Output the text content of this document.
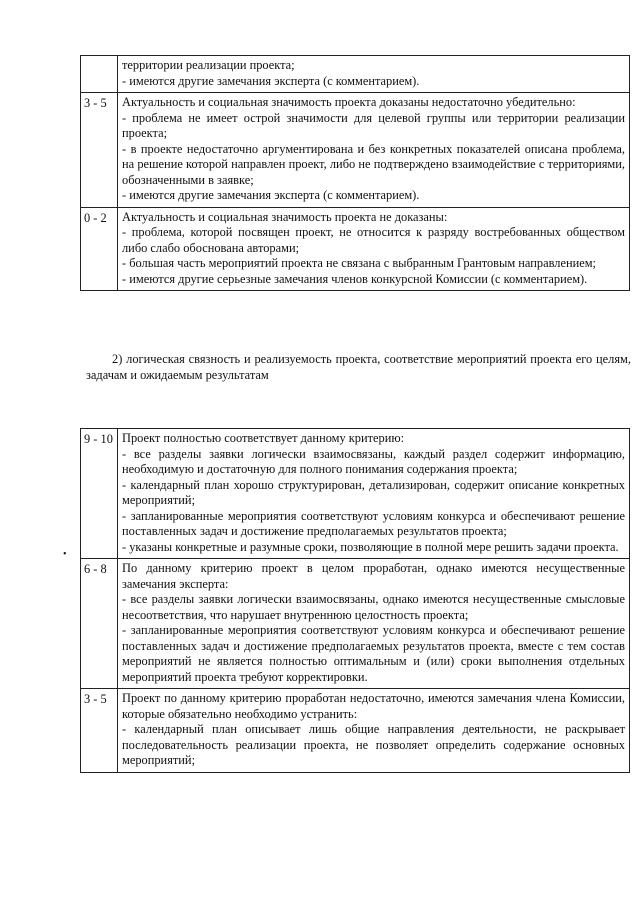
	территории реализации проекта;
- имеются другие замечания эксперта (с комментарием).

3 - 5	Актуальность и социальная значимость проекта доказаны недостаточно убедительно:
- проблема не имеет острой значимости для целевой группы или территории реализации проекта;
- в проекте недостаточно аргументирована и без конкретных показателей описана проблема, на решение которой направлен проект, либо не подтверждено взаимодействие с территориями, обозначенными в заявке;
- имеются другие замечания эксперта (с комментарием).

0 - 2	Актуальность и социальная значимость проекта не доказаны:
- проблема, которой посвящен проект, не относится к разряду востребованных обществом либо слабо обоснована авторами;
- большая часть мероприятий проекта не связана с выбранным Грантовым направлением;
- имеются другие серьезные замечания членов конкурсной Комиссии (с комментарием).
2) логическая связность и реализуемость проекта, соответствие мероприятий проекта его целям, задачам и ожидаемым результатам
•
9 - 10	Проект полностью соответствует данному критерию:
- все разделы заявки логически взаимосвязаны, каждый раздел содержит информацию, необходимую и достаточную для полного понимания содержания проекта;
- календарный план хорошо структурирован, детализирован, содержит описание конкретных мероприятий;
- запланированные мероприятия соответствуют условиям конкурса и обеспечивают решение поставленных задач и достижение предполагаемых результатов проекта;
- указаны конкретные и разумные сроки, позволяющие в полной мере решить задачи проекта.

6 - 8	По данному критерию проект в целом проработан, однако имеются несущественные замечания эксперта:
- все разделы заявки логически взаимосвязаны, однако имеются несущественные смысловые несоответствия, что нарушает внутреннюю целостность проекта;
- запланированные мероприятия соответствуют условиям конкурса и обеспечивают решение поставленных задач и достижение предполагаемых результатов проекта, вместе с тем состав мероприятий не является полностью оптимальным и (или) сроки выполнения отдельных мероприятий проекта требуют корректировки.

3 - 5	Проект по данному критерию проработан недостаточно, имеются замечания члена Комиссии, которые обязательно необходимо устранить:
- календарный план описывает лишь общие направления деятельности, не раскрывает последовательность реализации проекта, не позволяет определить содержание основных мероприятий;
